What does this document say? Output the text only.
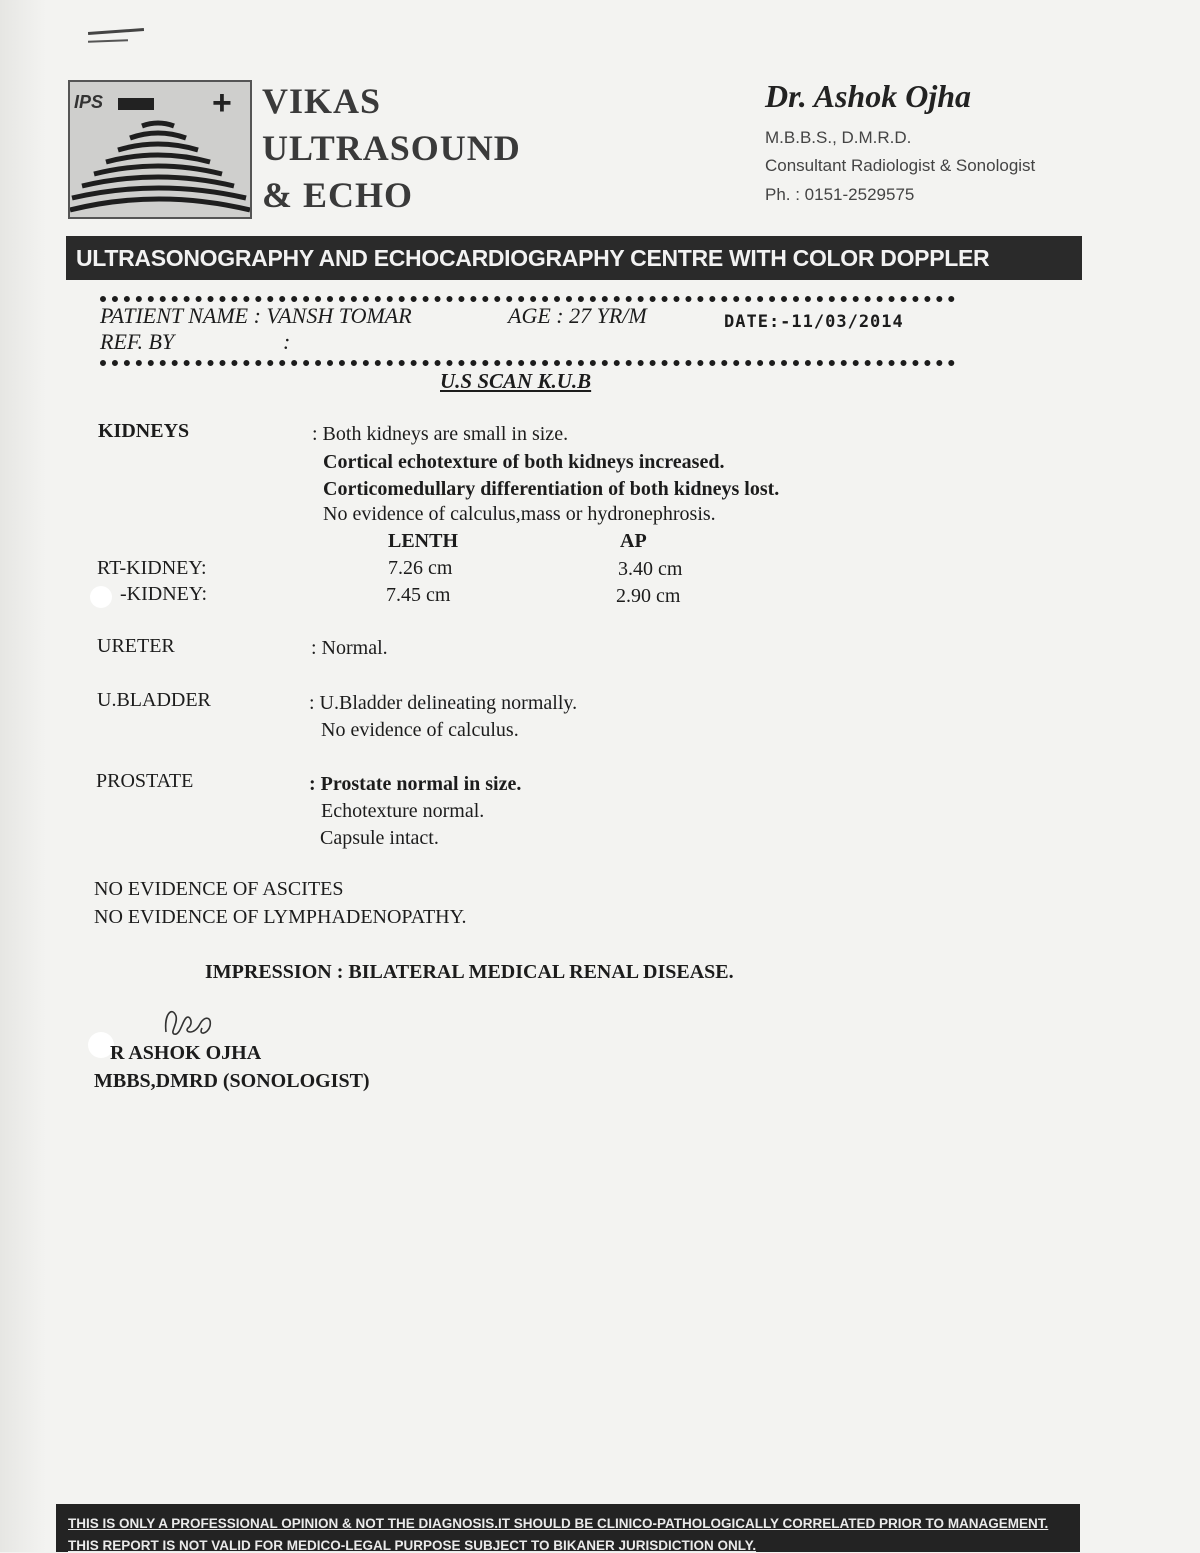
IPS	+ VIKAS
ULTRASOUND
& ECHO
Dr. Ashok Ojha
M.B.B.S., D.M.R.D.
Consultant Radiologist & Sonologist
Ph. : 0151-2529575
ULTRASONOGRAPHY AND ECHOCARDIOGRAPHY CENTRE WITH COLOR DOPPLER
PATIENT NAME : VANSH TOMAR	AGE : 27 YR/M	DATE:-11/03/2014
REF. BY	:
U.S SCAN K.U.B
KIDNEYS	: Both kidneys are small in size.
Cortical echotexture of both kidneys increased.
Corticomedullary differentiation of both kidneys lost.
No evidence of calculus,mass or hydronephrosis.
LENTH	AP
RT-KIDNEY:	7.26 cm	3.40 cm
-KIDNEY:	7.45 cm	2.90 cm
URETER	: Normal.
U.BLADDER	: U.Bladder delineating normally.
No evidence of calculus.
PROSTATE	: Prostate normal in size.
Echotexture normal.
Capsule intact.
NO EVIDENCE OF ASCITES
NO EVIDENCE OF LYMPHADENOPATHY.
IMPRESSION : BILATERAL MEDICAL RENAL DISEASE.
R ASHOK OJHA
MBBS,DMRD (SONOLOGIST)
THIS IS ONLY A PROFESSIONAL OPINION & NOT THE DIAGNOSIS.IT SHOULD BE CLINICO-PATHOLOGICALLY CORRELATED PRIOR TO MANAGEMENT.
THIS REPORT IS NOT VALID FOR MEDICO-LEGAL PURPOSE SUBJECT TO BIKANER JURISDICTION ONLY.
